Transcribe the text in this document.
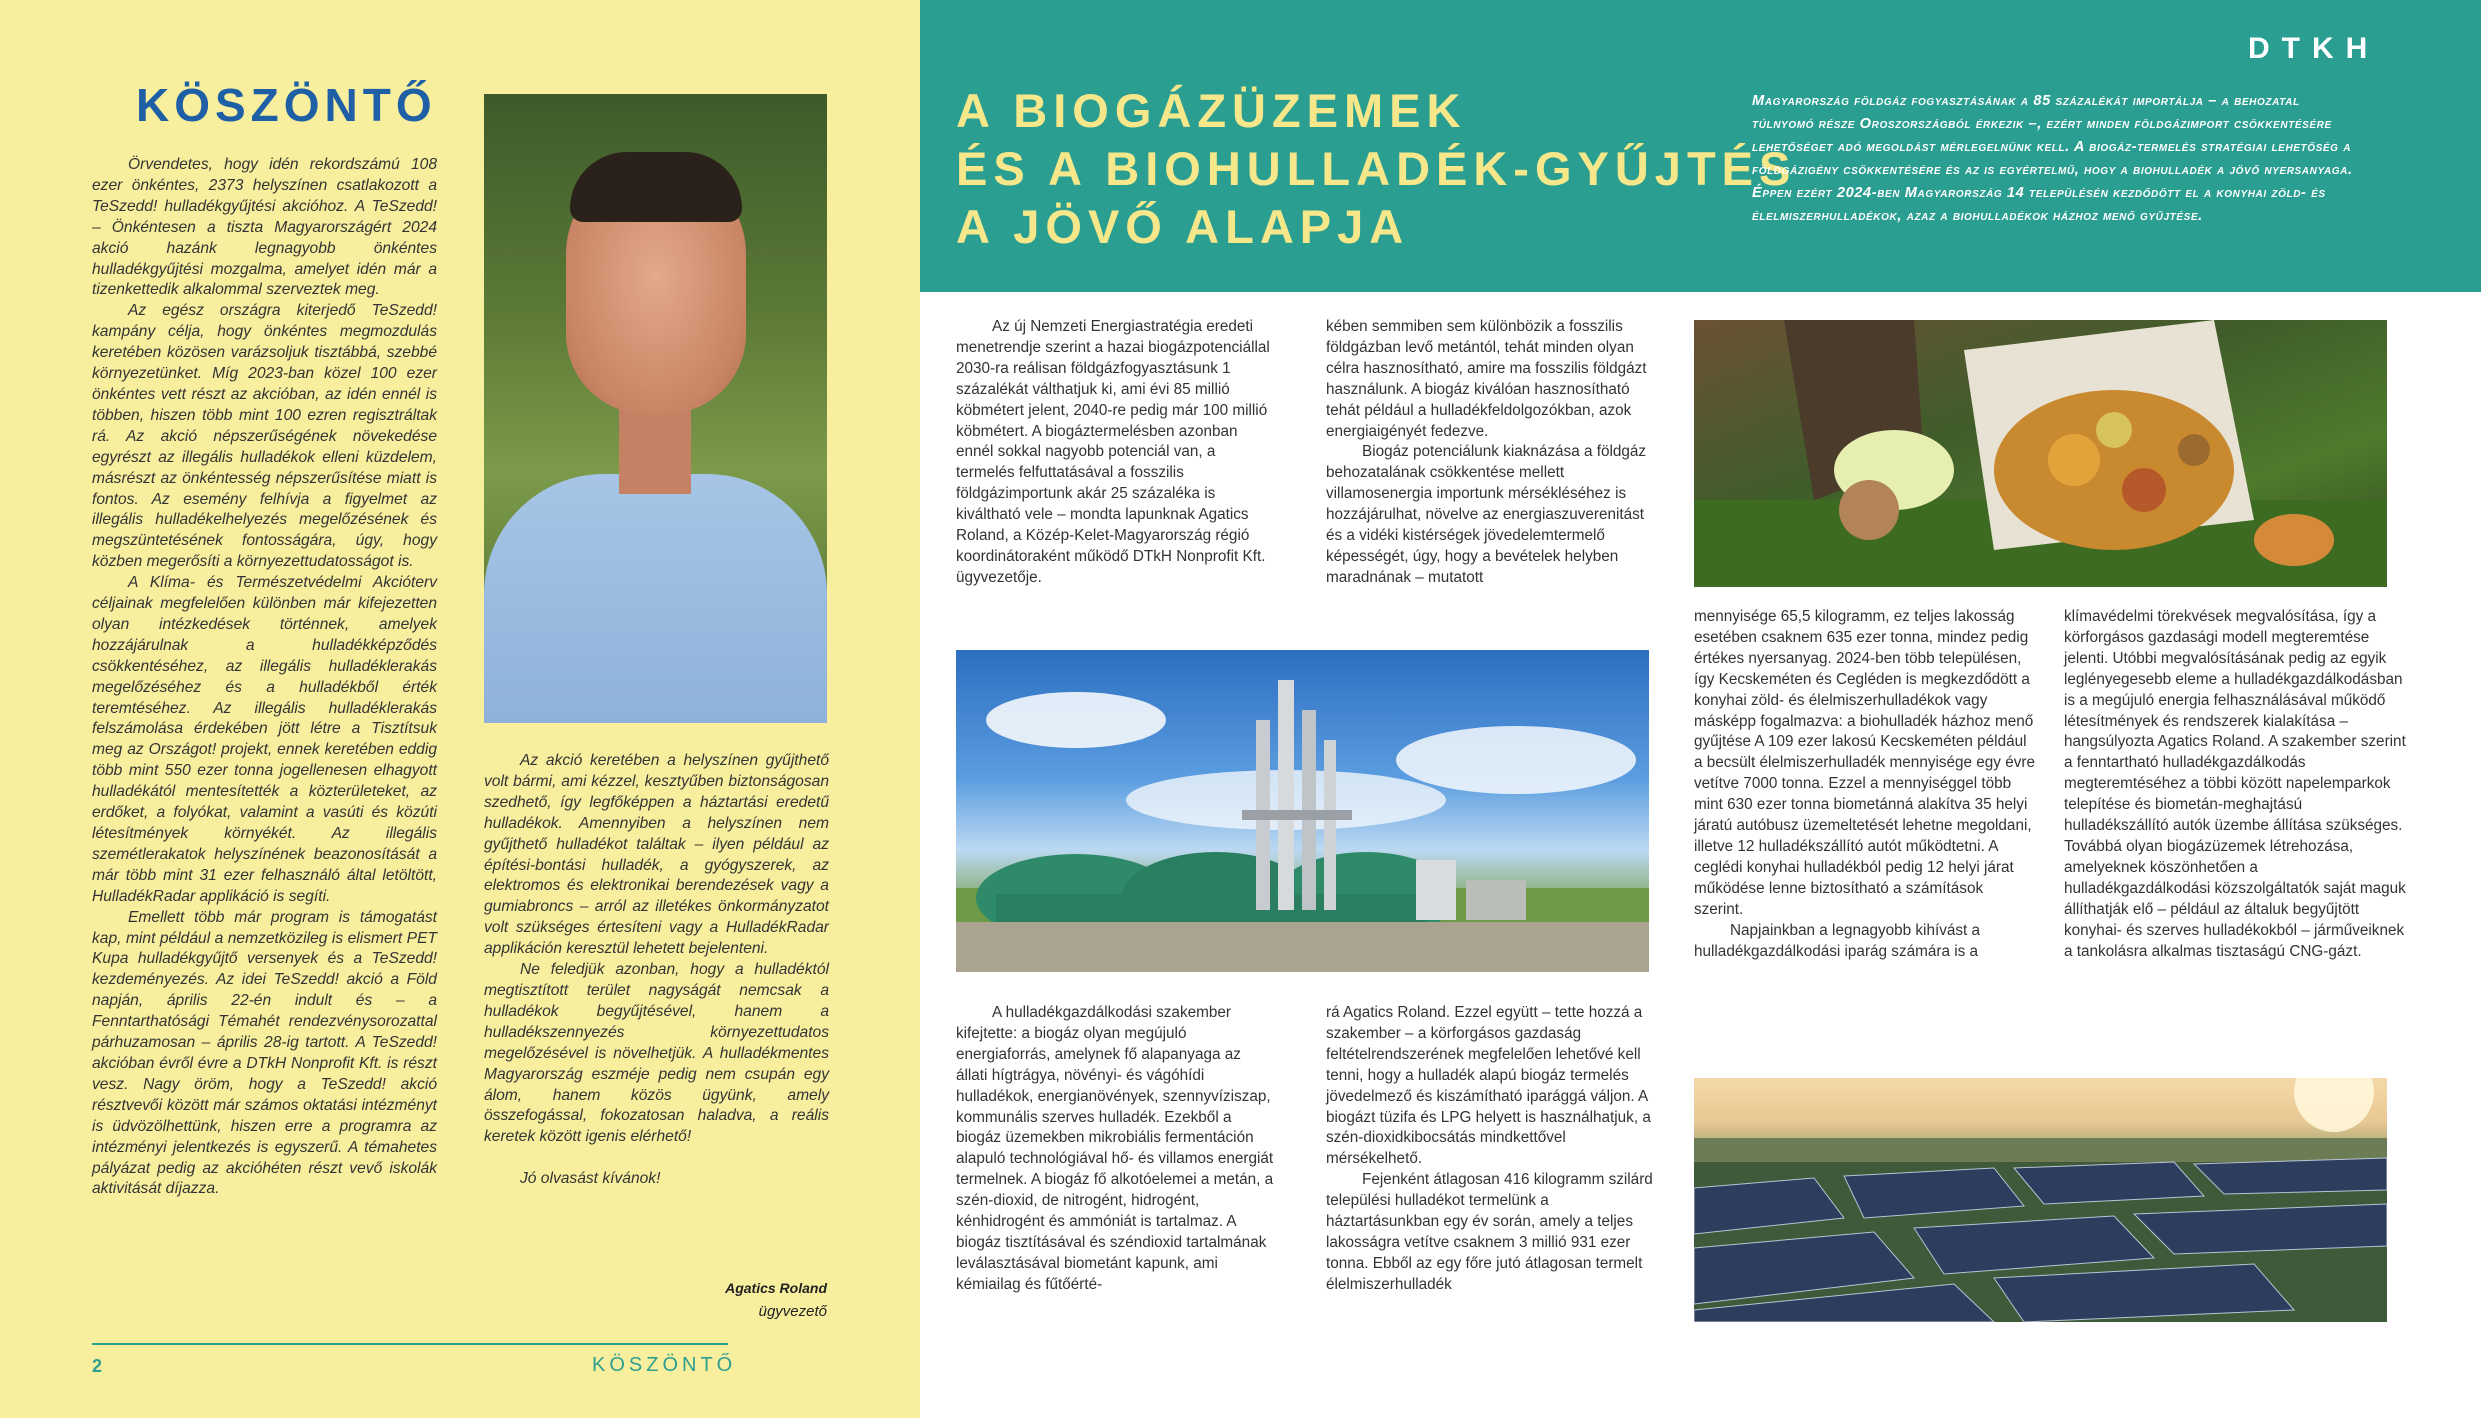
KÖSZÖNTŐ

Örvendetes, hogy idén rekordszámú 108 ezer önkéntes, 2373 helyszínen csatlakozott a TeSzedd! hulladékgyűjtési akcióhoz. A TeSzedd! – Önkéntesen a tiszta Magyarországért 2024 akció hazánk legnagyobb önkéntes hulladékgyűjtési mozgalma, amelyet idén már a tizenkettedik alkalommal szerveztek meg.

Az egész országra kiterjedő TeSzedd! kampány célja, hogy önkéntes megmozdulás keretében közösen varázsoljuk tisztábbá, szebbé környezetünket. Míg 2023-ban közel 100 ezer önkéntes vett részt az akcióban, az idén ennél is többen, hiszen több mint 100 ezren regisztráltak rá. Az akció népszerűségének növekedése egyrészt az illegális hulladékok elleni küzdelem, másrészt az önkéntesség népszerűsítése miatt is fontos. Az esemény felhívja a figyelmet az illegális hulladékelhelyezés megelőzésének és megszüntetésének fontosságára, úgy, hogy közben megerősíti a környezettudatosságot is.

A Klíma- és Természetvédelmi Akcióterv céljainak megfelelően különben már kifejezetten olyan intézkedések történnek, amelyek hozzájárulnak a hulladékképződés csökkentéséhez, az illegális hulladéklerakás megelőzéséhez és a hulladékből érték teremtéséhez. Az illegális hulladéklerakás felszámolása érdekében jött létre a Tisztítsuk meg az Országot! projekt, ennek keretében eddig több mint 550 ezer tonna jogellenesen elhagyott hulladékától mentesítették a közterületeket, az erdőket, a folyókat, valamint a vasúti és közúti létesítmények környékét. Az illegális szemétlerakatok helyszínének beazonosítását a már több mint 31 ezer felhasználó által letöltött, HulladékRadar applikáció is segíti.

Emellett több már program is támogatást kap, mint például a nemzetközileg is elismert PET Kupa hulladékgyűjtő versenyek és a TeSzedd! kezdeményezés. Az idei TeSzedd! akció a Föld napján, április 22-én indult és – a Fenntarthatósági Témahét rendezvénysorozattal párhuzamosan – április 28-ig tartott. A TeSzedd! akcióban évről évre a DTkH Nonprofit Kft. is részt vesz. Nagy öröm, hogy a TeSzedd! akció résztvevői között már számos oktatási intézményt is üdvözölhettünk, hiszen erre a programra az intézményi jelentkezés is egyszerű. A témahetes pályázat pedig az akcióhéten részt vevő iskolák aktivitását díjazza.

Az akció keretében a helyszínen gyűjthető volt bármi, ami kézzel, kesztyűben biztonságosan szedhető, így legfőképpen a háztartási eredetű hulladékok. Amennyiben a helyszínen nem gyűjthető hulladékot találtak – ilyen például az építési-bontási hulladék, a gyógyszerek, az elektromos és elektronikai berendezések vagy a gumiabroncs – arról az illetékes önkormányzatot volt szükséges értesíteni vagy a HulladékRadar applikáción keresztül lehetett bejelenteni.

Ne feledjük azonban, hogy a hulladéktól megtisztított terület nagyságát nemcsak a hulladékok begyűjtésével, hanem a hulladékszennyezés környezettudatos megelőzésével is növelhetjük. A hulladékmentes Magyarország eszméje pedig nem csupán egy álom, hanem közös ügyünk, amely összefogással, fokozatosan haladva, a reális keretek között igenis elérhető!

Jó olvasást kívánok!

Agatics Roland
ügyvezető
2	KÖSZÖNTŐ
DTKH
A BIOGÁZÜZEMEK
ÉS A BIOHULLADÉK-GYŰJTÉS
A JÖVŐ ALAPJA
Magyarország földgáz fogyasztásának a 85 százalékát importálja – a behozatal túlnyomó része Oroszországból érkezik –, ezért minden földgázimport csökkentésére lehetőséget adó megoldást mérlegelnünk kell. A biogáz-termelés stratégiai lehetőség a földgázigény csökkentésére és az is egyértelmű, hogy a biohulladék a jövő nyersanyaga. Éppen ezért 2024-ben Magyarország 14 településén kezdődött el a konyhai zöld- és élelmiszerhulladékok, azaz a biohulladékok házhoz menő gyűjtése.

Az új Nemzeti Energiastratégia eredeti menetrendje szerint a hazai biogázpotenciállal 2030-ra reálisan földgázfogyasztásunk 1 százalékát válthatjuk ki, ami évi 85 millió köbmétert jelent, 2040-re pedig már 100 millió köbmétert. A biogáztermelésben azonban ennél sokkal nagyobb potenciál van, a termelés felfuttatásával a fosszilis földgázimportunk akár 25 százaléka is kiváltható vele – mondta lapunknak Agatics Roland, a Közép-Kelet-Magyarország régió koordinátoraként működő DTkH Nonprofit Kft. ügyvezetője.

kében semmiben sem különbözik a fosszilis földgázban levő metántól, tehát minden olyan célra hasznosítható, amire ma fosszilis földgázt használunk. A biogáz kiválóan hasznosítható tehát például a hulladékfeldolgozókban, azok energiaigényét fedezve.

Biogáz potenciálunk kiaknázása a földgáz behozatalának csökkentése mellett villamosenergia importunk mérsékléséhez is hozzájárulhat, növelve az energiaszuverenitást és a vidéki kistérségek jövedelemtermelő képességét, úgy, hogy a bevételek helyben maradnának – mutatott

A hulladékgazdálkodási szakember kifejtette: a biogáz olyan megújuló energiaforrás, amelynek fő alapanyaga az állati hígtrágya, növényi- és vágóhídi hulladékok, energianövények, szennyvíziszap, kommunális szerves hulladék. Ezekből a biogáz üzemekben mikrobiális fermentáción alapuló technológiával hő- és villamos energiát termelnek. A biogáz fő alkotóelemei a metán, a szén-dioxid, de nitrogént, hidrogént, kénhidrogént és ammóniát is tartalmaz. A biogáz tisztításával és széndioxid tartalmának leválasztásával biometánt kapunk, ami kémiailag és fűtőérté-

rá Agatics Roland. Ezzel együtt – tette hozzá a szakember – a körforgásos gazdaság feltételrendszerének megfelelően lehetővé kell tenni, hogy a hulladék alapú biogáz termelés jövedelmező és kiszámítható iparággá váljon. A biogázt tüzifa és LPG helyett is használhatjuk, a szén-dioxidkibocsátás mindkettővel mérsékelhető.

Fejenként átlagosan 416 kilogramm szilárd települési hulladékot termelünk a háztartásunkban egy év során, amely a teljes lakosságra vetítve csaknem 3 millió 931 ezer tonna. Ebből az egy főre jutó átlagosan termelt élelmiszerhulladék

mennyisége 65,5 kilogramm, ez teljes lakosság esetében csaknem 635 ezer tonna, mindez pedig értékes nyersanyag. 2024-ben több településen, így Kecskeméten és Cegléden is megkezdődött a konyhai zöld- és élelmiszerhulladékok vagy másképp fogalmazva: a biohulladék házhoz menő gyűjtése A 109 ezer lakosú Kecskeméten például a becsült élelmiszerhulladék mennyisége egy évre vetítve 7000 tonna. Ezzel a mennyiséggel több mint 630 ezer tonna biometánná alakítva 35 helyi járatú autóbusz üzemeltetését lehetne megoldani, illetve 12 hulladékszállító autót működtetni. A ceglédi konyhai hulladékból pedig 12 helyi járat működése lenne biztosítható a számítások szerint.

Napjainkban a legnagyobb kihívást a hulladékgazdálkodási iparág számára is a

klímavédelmi törekvések megvalósítása, így a körforgásos gazdasági modell megteremtése jelenti. Utóbbi megvalósításának pedig az egyik leglényegesebb eleme a hulladékgazdálkodásban is a megújuló energia felhasználásával működő létesítmények és rendszerek kialakítása – hangsúlyozta Agatics Roland. A szakember szerint a fenntartható hulladékgazdálkodás megteremtéséhez a többi között napelemparkok telepítése és biometán-meghajtású hulladékszállító autók üzembe állítása szükséges. Továbbá olyan biogázüzemek létrehozása, amelyeknek köszönhetően a hulladékgazdálkodási közszolgáltatók saját maguk állíthatják elő – például az általuk begyűjtött konyhai- és szerves hulladékokból – járműveiknek a tankolásra alkalmas tisztaságú CNG-gázt.
